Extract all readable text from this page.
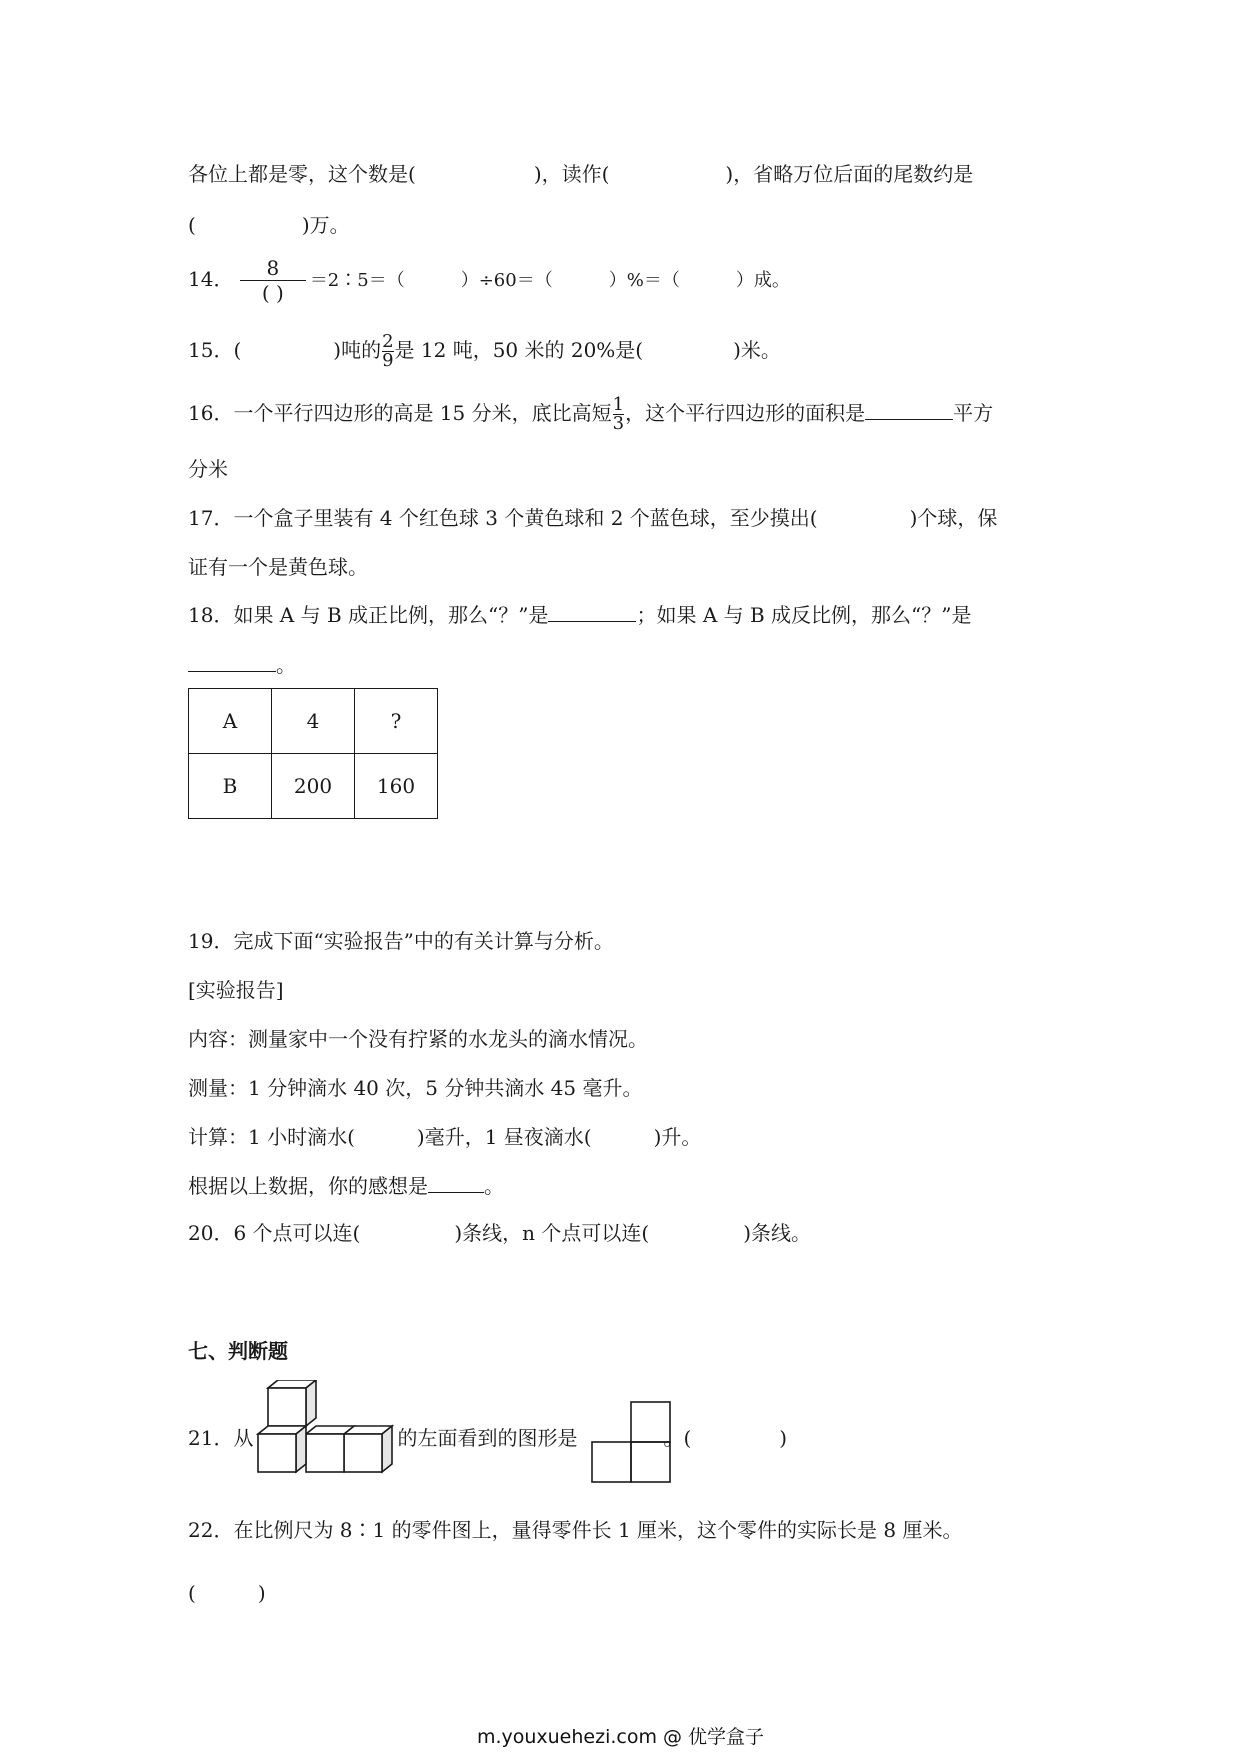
各位上都是零，这个数是(	)，读作(	)，省略万位后面的尾数约是
(	)万。
14． $\frac{8}{( )}$ ＝2∶5＝（	）÷60＝（	）%＝（	）成。
15．(	)吨的 $\frac{2}{9}$ 是 12 吨，50 米的 20%是(	)米。
16．一个平行四边形的高是 15 分米，底比高短 $\frac{1}{3}$ ，这个平行四边形的面积是	平方
分米
17．一个盒子里装有 4 个红色球 3 个黄色球和 2 个蓝色球，至少摸出(	)个球，保
证有一个是黄色球。
18．如果 A 与 B 成正比例，那么“？”是	；如果 A 与 B 成反比例，那么“？”是
。
A	4	?
B	200	160
19．完成下面“实验报告”中的有关计算与分析。
[实验报告]
内容：测量家中一个没有拧紧的水龙头的滴水情况。
测量：1 分钟滴水 40 次，5 分钟共滴水 45 毫升。
计算：1 小时滴水(	)毫升，1 昼夜滴水(	)升。
根据以上数据，你的感想是	。
20．6 个点可以连(	)条线，n 个点可以连(	)条线。
七、判断题
21．从	的左面看到的图形是	。(	)
22．在比例尺为 8∶1 的零件图上，量得零件长 1 厘米，这个零件的实际长是 8 厘米。
(	)
m.youxuehezi.com @ 优学盒子
